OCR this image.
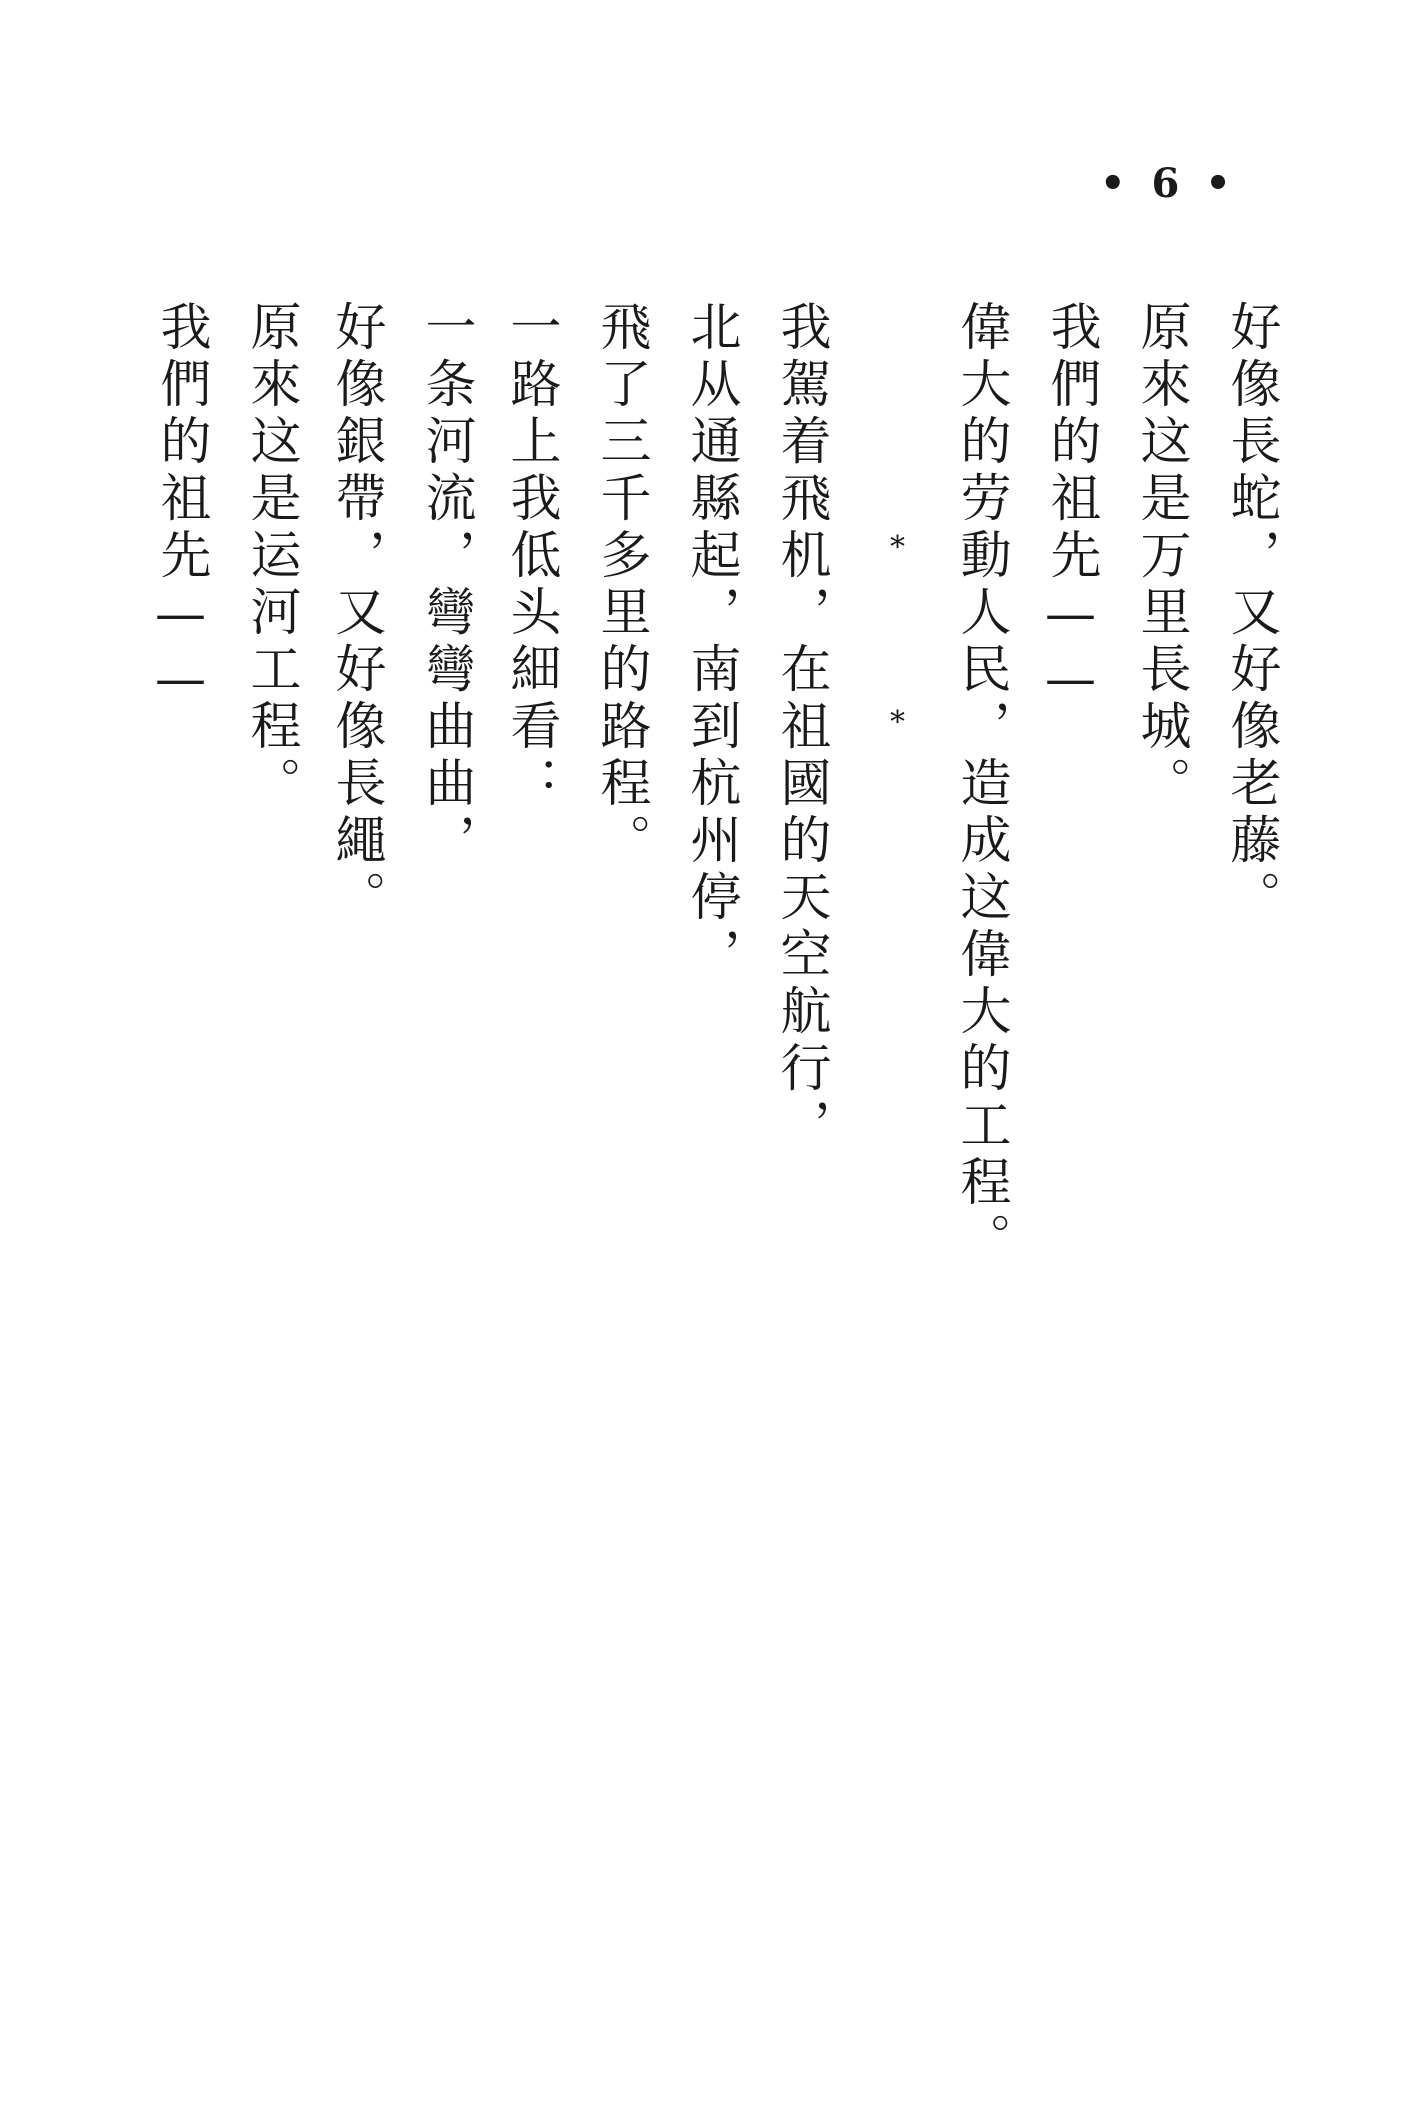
• 6 •
好像長蛇，又好像老藤。
原來这是万里長城。
我們的祖先——
偉大的劳動人民，造成这偉大的工程。
**
我駕着飛机，在祖國的天空航行，
北从通縣起，南到杭州停，
飛了三千多里的路程。
一路上我低头細看：
一条河流，彎彎曲曲，
好像銀帶，又好像長繩。
原來这是运河工程。
我們的祖先——
